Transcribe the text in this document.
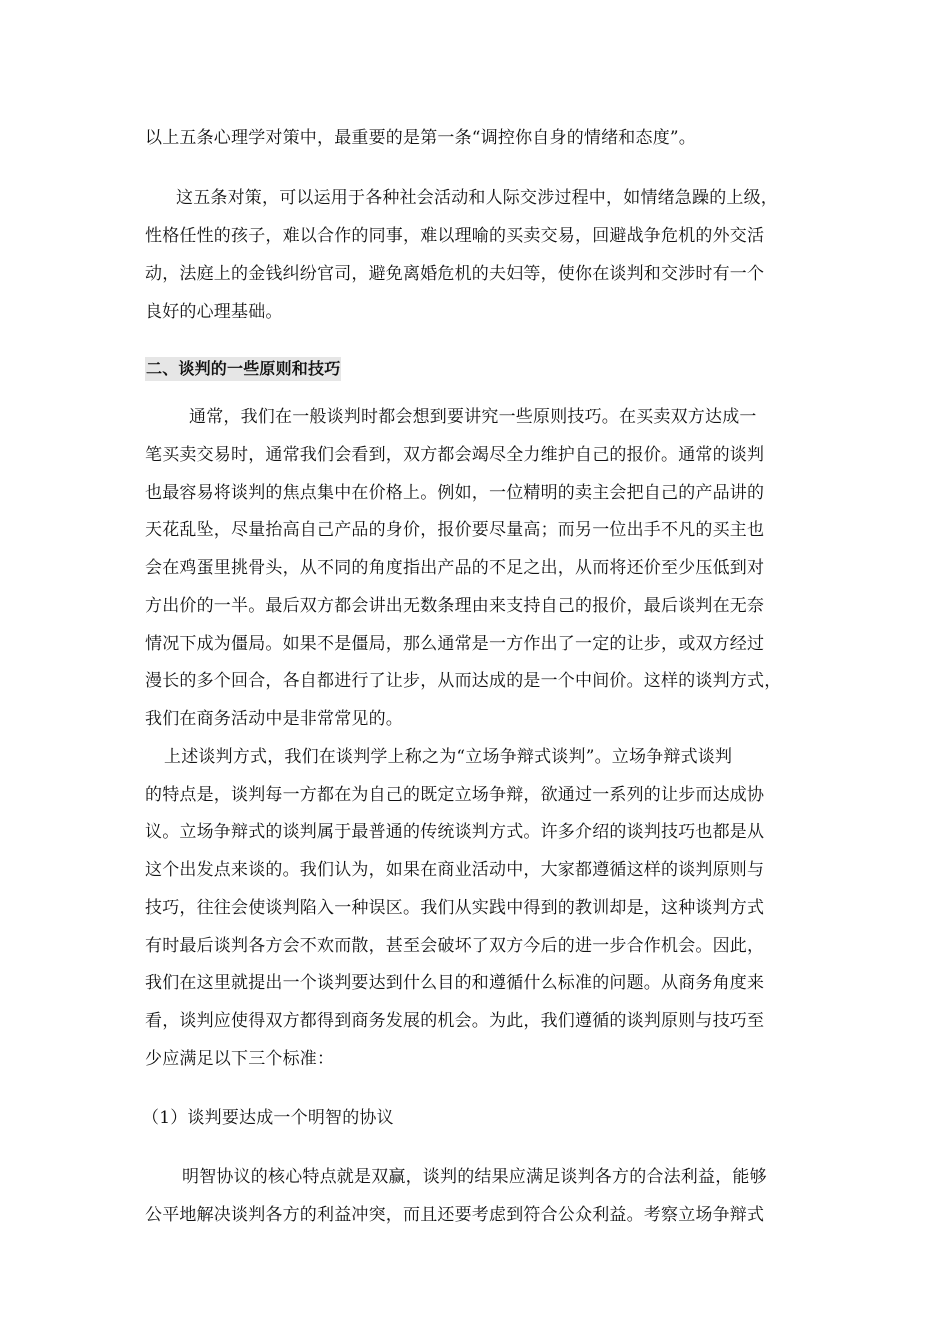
以上五条心理学对策中，最重要的是第一条“调控你自身的情绪和态度”。
这五条对策，可以运用于各种社会活动和人际交涉过程中，如情绪急躁的上级，
性格任性的孩子，难以合作的同事，难以理喻的买卖交易，回避战争危机的外交活
动，法庭上的金钱纠纷官司，避免离婚危机的夫妇等，使你在谈判和交涉时有一个
良好的心理基础。
二、谈判的一些原则和技巧
通常，我们在一般谈判时都会想到要讲究一些原则技巧。在买卖双方达成一
笔买卖交易时，通常我们会看到，双方都会竭尽全力维护自己的报价。通常的谈判
也最容易将谈判的焦点集中在价格上。例如，一位精明的卖主会把自己的产品讲的
天花乱坠，尽量抬高自己产品的身价，报价要尽量高；而另一位出手不凡的买主也
会在鸡蛋里挑骨头，从不同的角度指出产品的不足之出，从而将还价至少压低到对
方出价的一半。最后双方都会讲出无数条理由来支持自己的报价，最后谈判在无奈
情况下成为僵局。如果不是僵局，那么通常是一方作出了一定的让步，或双方经过
漫长的多个回合，各自都进行了让步，从而达成的是一个中间价。这样的谈判方式，
我们在商务活动中是非常常见的。
上述谈判方式，我们在谈判学上称之为“立场争辩式谈判”。立场争辩式谈判
的特点是，谈判每一方都在为自己的既定立场争辩，欲通过一系列的让步而达成协
议。立场争辩式的谈判属于最普通的传统谈判方式。许多介绍的谈判技巧也都是从
这个出发点来谈的。我们认为，如果在商业活动中，大家都遵循这样的谈判原则与
技巧，往往会使谈判陷入一种误区。我们从实践中得到的教训却是，这种谈判方式
有时最后谈判各方会不欢而散，甚至会破坏了双方今后的进一步合作机会。因此，
我们在这里就提出一个谈判要达到什么目的和遵循什么标准的问题。从商务角度来
看，谈判应使得双方都得到商务发展的机会。为此，我们遵循的谈判原则与技巧至
少应满足以下三个标准：
（1）谈判要达成一个明智的协议
明智协议的核心特点就是双赢，谈判的结果应满足谈判各方的合法利益，能够
公平地解决谈判各方的利益冲突，而且还要考虑到符合公众利益。考察立场争辩式
